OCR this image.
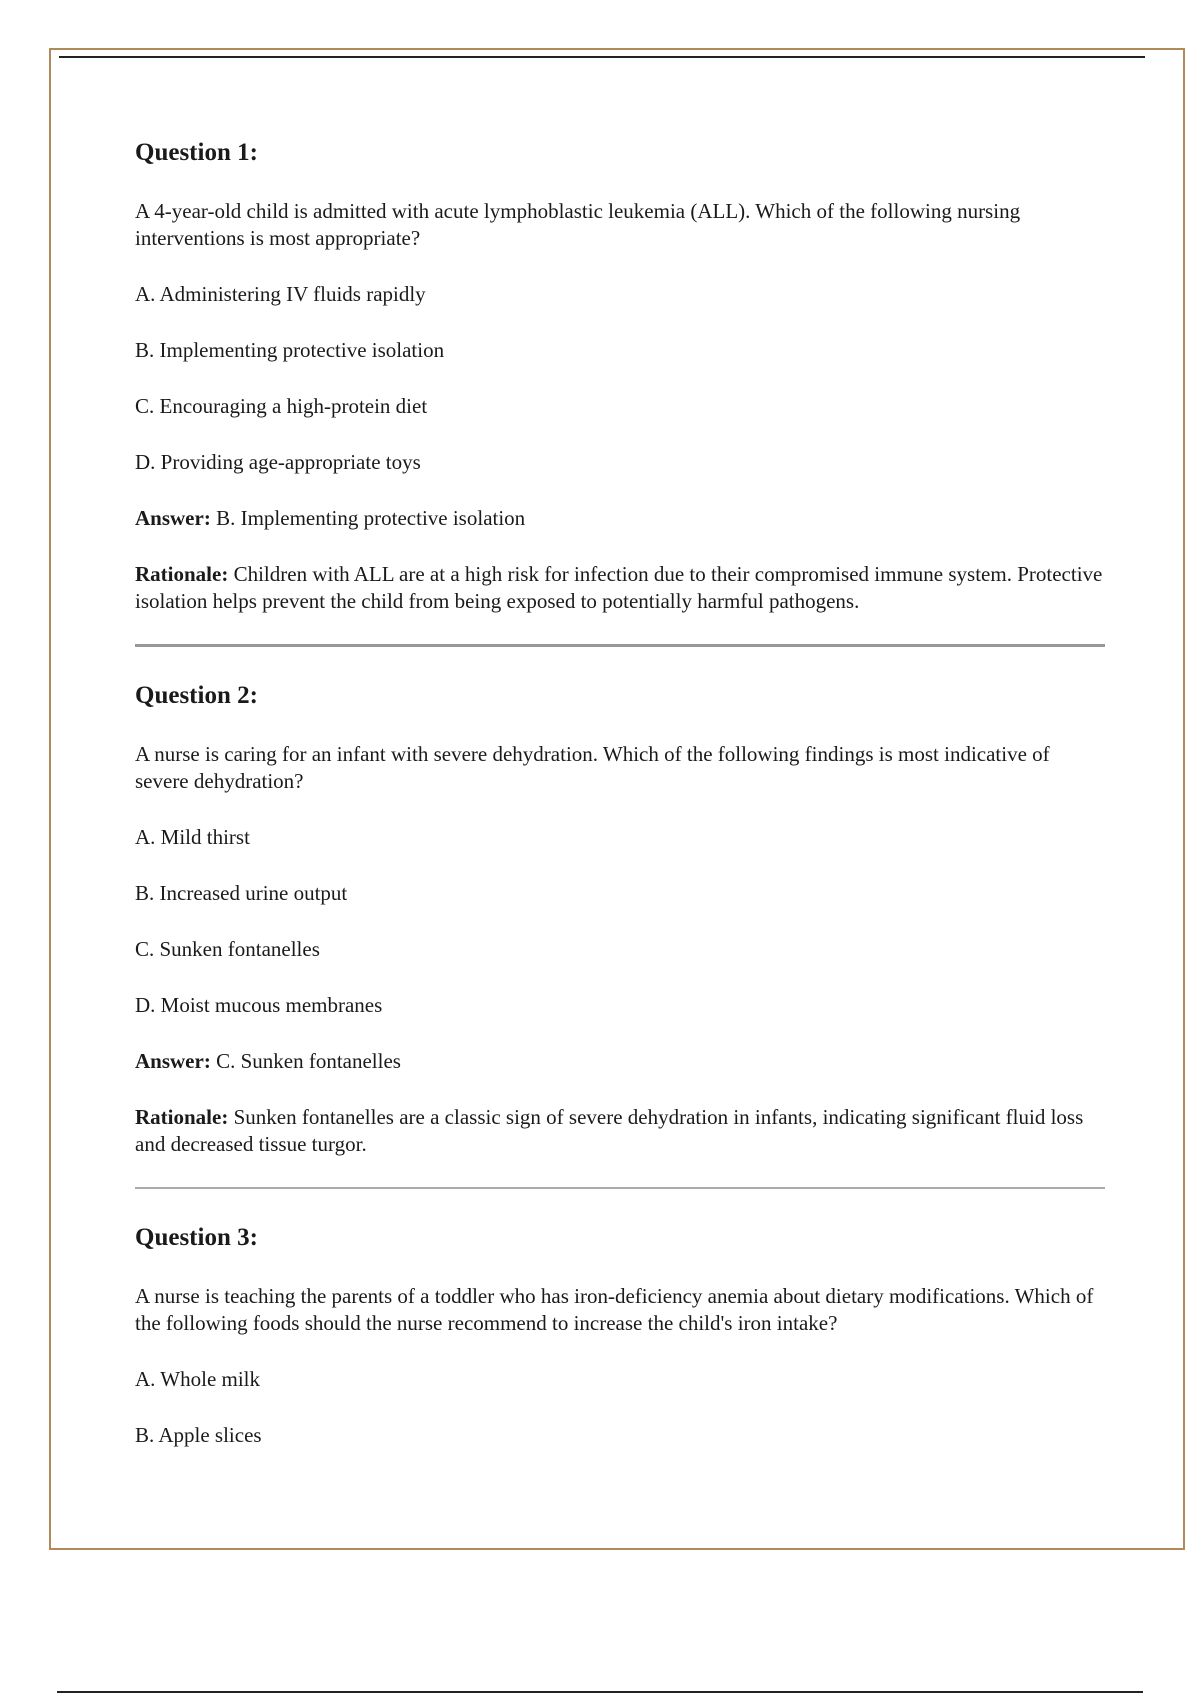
Question 1:

A 4-year-old child is admitted with acute lymphoblastic leukemia (ALL). Which of the following nursing interventions is most appropriate?

A. Administering IV fluids rapidly

B. Implementing protective isolation

C. Encouraging a high-protein diet

D. Providing age-appropriate toys

Answer: B. Implementing protective isolation

Rationale: Children with ALL are at a high risk for infection due to their compromised immune system. Protective isolation helps prevent the child from being exposed to potentially harmful pathogens.

Question 2:

A nurse is caring for an infant with severe dehydration. Which of the following findings is most indicative of severe dehydration?

A. Mild thirst

B. Increased urine output

C. Sunken fontanelles

D. Moist mucous membranes

Answer: C. Sunken fontanelles

Rationale: Sunken fontanelles are a classic sign of severe dehydration in infants, indicating significant fluid loss and decreased tissue turgor.

Question 3:

A nurse is teaching the parents of a toddler who has iron-deficiency anemia about dietary modifications. Which of the following foods should the nurse recommend to increase the child's iron intake?

A. Whole milk

B. Apple slices
